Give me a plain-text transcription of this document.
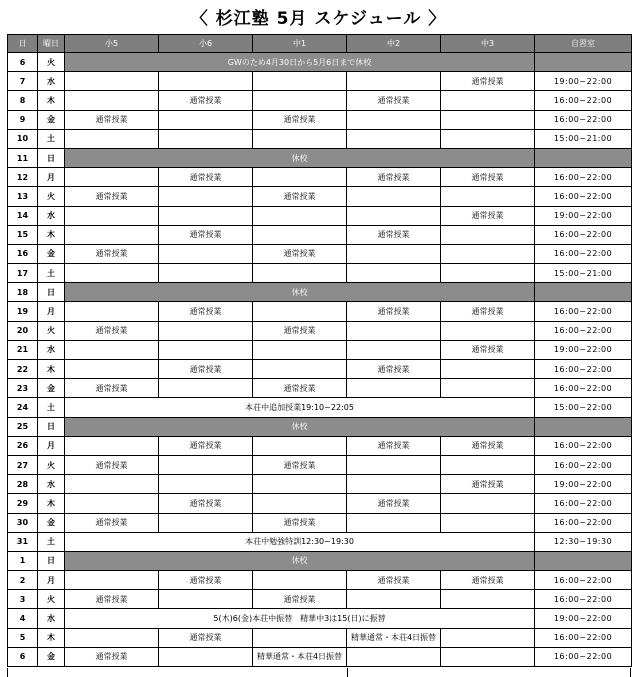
〈 杉江塾 5月 スケジュール 〉
日	曜日	小5	小6	中1	中2	中3	自習室
6	火	GWのため4月30日から5月6日まで休校					
7	水					通常授業	19:00~22:00
8	木		通常授業		通常授業		16:00~22:00
9	金	通常授業		通常授業			16:00~22:00
10	土						15:00~21:00
11	日	休校					
12	月		通常授業		通常授業	通常授業	16:00~22:00
13	火	通常授業		通常授業			16:00~22:00
14	水					通常授業	19:00~22:00
15	木		通常授業		通常授業		16:00~22:00
16	金	通常授業		通常授業			16:00~22:00
17	土						15:00~21:00
18	日	休校					
19	月		通常授業		通常授業	通常授業	16:00~22:00
20	火	通常授業		通常授業			16:00~22:00
21	水					通常授業	19:00~22:00
22	木		通常授業		通常授業		16:00~22:00
23	金	通常授業		通常授業			16:00~22:00
24	土	本荘中追加授業19:10~22:05					15:00~22:00
25	日	休校					
26	月		通常授業		通常授業	通常授業	16:00~22:00
27	火	通常授業		通常授業			16:00~22:00
28	水					通常授業	19:00~22:00
29	木		通常授業		通常授業		16:00~22:00
30	金	通常授業		通常授業			16:00~22:00
31	土	本荘中勉強特訓12:30~19:30					12:30~19:30
1	日	休校					
2	月		通常授業		通常授業	通常授業	16:00~22:00
3	火	通常授業		通常授業			16:00~22:00
4	水	5(木)6(金)本荘中振替　精華中3は15(日)に振替					19:00~22:00
5	木		通常授業		精華通常・本荘4日振替		16:00~22:00
6	金	通常授業		精華通常・本荘4日振替			16:00~22:00
